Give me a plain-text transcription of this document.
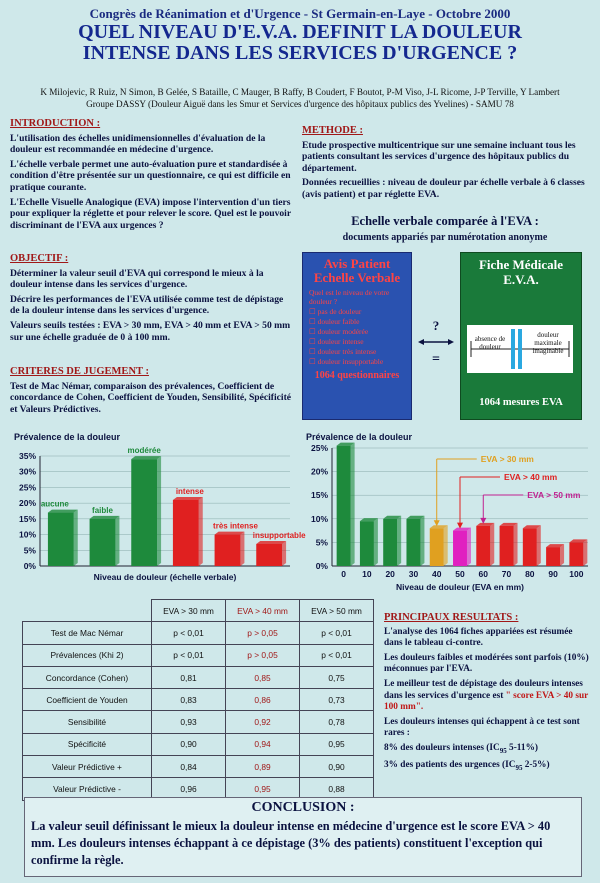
Congrès de Réanimation et d'Urgence - St Germain-en-Laye - Octobre 2000
QUEL NIVEAU D'E.V.A. DEFINIT LA DOULEUR
INTENSE DANS LES SERVICES D'URGENCE ?
K Milojevic, R Ruiz, N Simon, B Gelée, S Bataille, C Mauger, B Raffy, B Coudert, F Boutot, P-M Viso, J-L Ricome, J-P Terville, Y Lambert
Groupe DASSY (Douleur Aiguë dans les Smur et Services d'urgence des hôpitaux publics des Yvelines) - SAMU 78
INTRODUCTION :

L'utilisation des échelles unidimensionnelles d'évaluation de la douleur est recommandée en médecine d'urgence.

L'échelle verbale permet une auto-évaluation pure et standardisée à condition d'être présentée sur un questionnaire, ce qui est difficile en pratique courante.

L'Echelle Visuelle Analogique (EVA) impose l'intervention d'un tiers pour expliquer la réglette et pour relever le score. Quel est le pouvoir discriminant de l'EVA aux urgences ?

OBJECTIF :

Déterminer la valeur seuil d'EVA qui correspond le mieux à la douleur intense dans les services d'urgence.

Décrire les performances de l'EVA utilisée comme test de dépistage de la douleur intense dans les services d'urgence.

Valeurs seuils testées : EVA > 30 mm, EVA > 40 mm et EVA > 50 mm sur une échelle graduée de 0 à 100 mm.

CRITERES DE JUGEMENT :

Test de Mac Némar, comparaison des prévalences, Coefficient de concordance de Cohen, Coefficient de Youden, Sensibilité, Spécificité et Valeurs Prédictives.

METHODE :

Etude prospective multicentrique sur une semaine incluant tous les patients consultant les services d'urgence des hôpitaux publics du département.

Données recueillies : niveau de douleur par échelle verbale à 6 classes (avis patient) et par réglette EVA.

Echelle verbale comparée à l'EVA :
documents appariés par numérotation anonyme
Avis Patient
Echelle Verbale
Quel est le niveau de votre douleur ?
☐ pas de douleur
☐ douleur faible
☐ douleur modérée
☐ douleur intense
☐ douleur très intense
☐ douleur insupportable
1064 questionnaires
?
=
Fiche Médicale
E.V.A.
absence de douleur
douleur maximale imaginable
1064 mesures EVA
Prévalence de la douleur
0%
5%
10%
15%
20%
25%
30%
35%
aucune
faible
modérée
intense
très intense
insupportable
Niveau de douleur (échelle verbale)
Prévalence de la douleur
0%
5%
10%
15%
20%
25%
0 10 20 30 40 50 60 70 80 90 100
Niveau de douleur (EVA en mm)
EVA > 30 mm
EVA > 40 mm
EVA > 50 mm
	EVA > 30 mm	EVA > 40 mm	EVA > 50 mm
Test de Mac Némar	p < 0,01	p > 0,05	p < 0,01
Prévalences (Khi 2)	p < 0,01	p > 0,05	p < 0,01
Concordance (Cohen)	0,81	0,85	0,75
Coefficient de Youden	0,83	0,86	0,73
Sensibilité	0,93	0,92	0,78
Spécificité	0,90	0,94	0,95
Valeur Prédictive +	0,84	0,89	0,90
Valeur Prédictive -	0,96	0,95	0,88
PRINCIPAUX RESULTATS :

L'analyse des 1064 fiches appariées est résumée dans le tableau ci-contre.

Les douleurs faibles et modérées sont parfois (10%) méconnues par l'EVA.

Le meilleur test de dépistage des douleurs intenses dans les services d'urgence est " score EVA > 40 sur 100 mm".

Les douleurs intenses qui échappent à ce test sont rares :

8% des douleurs intenses ($IC_{95}$ 5-11%)

3% des patients des urgences ($IC_{95}$ 2-5%)

CONCLUSION :
La valeur seuil définissant le mieux la douleur intense en médecine d'urgence est le score EVA > 40 mm. Les douleurs intenses échappant à ce dépistage (3% des patients) constituent l'exception qui confirme la règle.
